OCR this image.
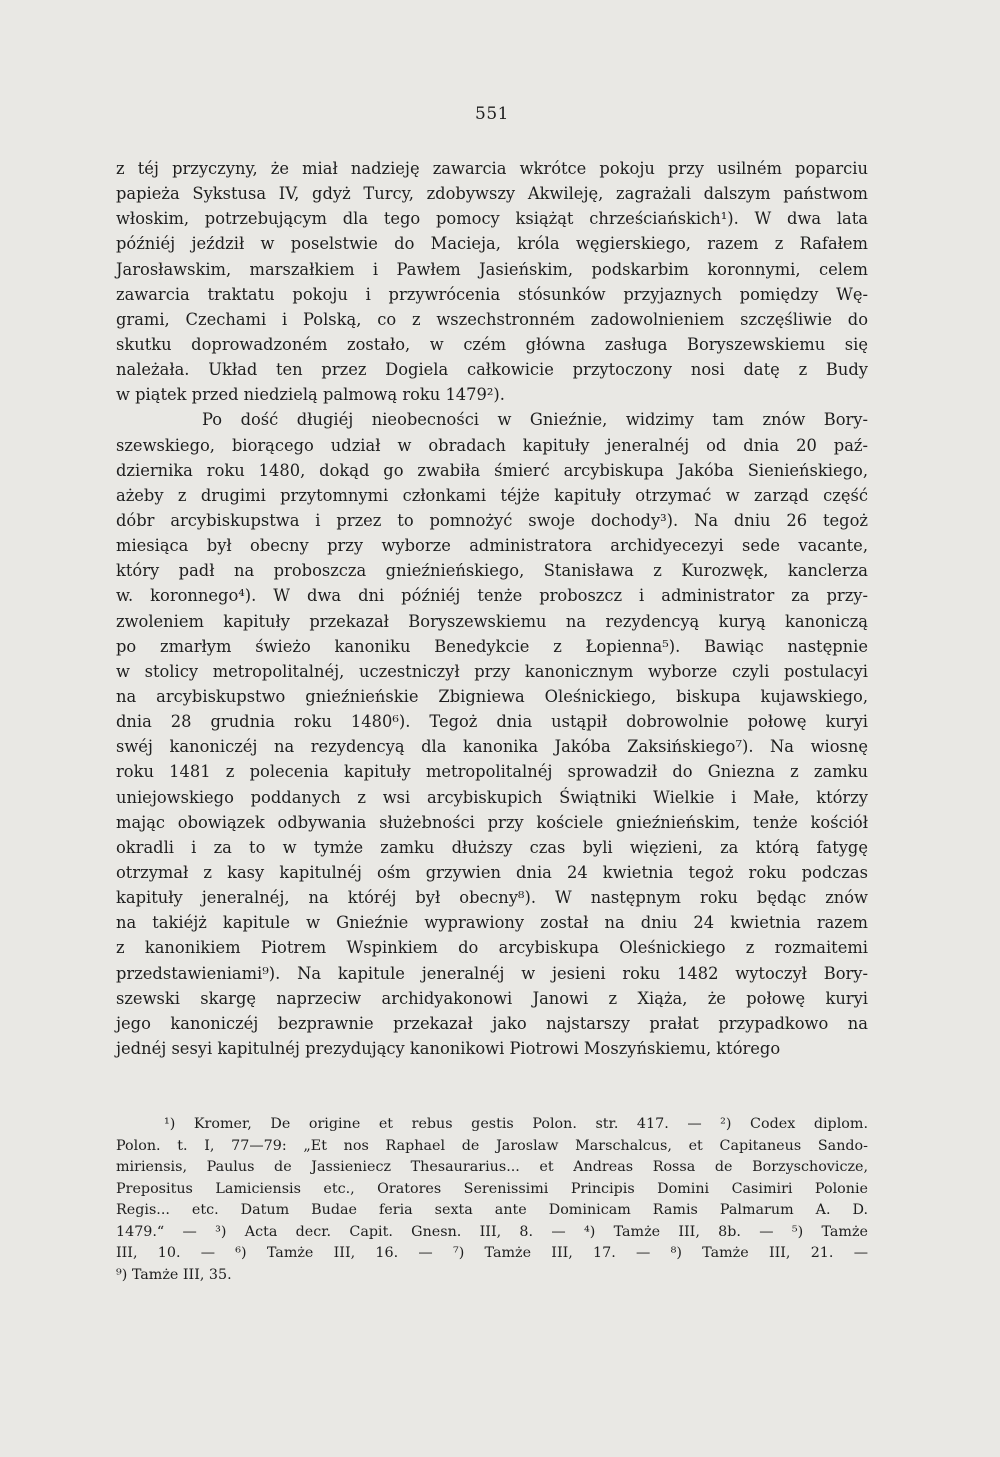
551
z téj przyczyny, że miał nadzieję zawarcia wkrótce pokoju przy usilném poparciu
papieża Sykstusa IV, gdyż Turcy, zdobywszy Akwileję, zagrażali dalszym państwom
włoskim, potrzebującym dla tego pomocy książąt chrześciańskich¹). W dwa lata
późniéj jeździł w poselstwie do Macieja, króla węgierskiego, razem z Rafałem
Jarosławskim, marszałkiem i Pawłem Jasieńskim, podskarbim koronnymi, celem
zawarcia traktatu pokoju i przywrócenia stósunków przyjaznych pomiędzy Wę-
grami, Czechami i Polską, co z wszechstronném zadowolnieniem szczęśliwie do
skutku doprowadzoném zostało, w czém główna zasługa Boryszewskiemu się
należała. Układ ten przez Dogiela całkowicie przytoczony nosi datę z Budy
w piątek przed niedzielą palmową roku 1479²).
Po dość długiéj nieobecności w Gnieźnie, widzimy tam znów Bory-
szewskiego, biorącego udział w obradach kapituły jeneralnéj od dnia 20 paź-
dziernika roku 1480, dokąd go zwabiła śmierć arcybiskupa Jakóba Sienieńskiego,
ażeby z drugimi przytomnymi członkami téjże kapituły otrzymać w zarząd część
dóbr arcybiskupstwa i przez to pomnożyć swoje dochody³). Na dniu 26 tegoż
miesiąca był obecny przy wyborze administratora archidyecezyi sede vacante,
który padł na proboszcza gnieźnieńskiego, Stanisława z Kurozwęk, kanclerza
w. koronnego⁴). W dwa dni późniéj tenże proboszcz i administrator za przy-
zwoleniem kapituły przekazał Boryszewskiemu na rezydencyą kuryą kanoniczą
po zmarłym świeżo kanoniku Benedykcie z Łopienna⁵). Bawiąc następnie
w stolicy metropolitalnéj, uczestniczył przy kanonicznym wyborze czyli postulacyi
na arcybiskupstwo gnieźnieńskie Zbigniewa Oleśnickiego, biskupa kujawskiego,
dnia 28 grudnia roku 1480⁶). Tegoż dnia ustąpił dobrowolnie połowę kuryi
swéj kanoniczéj na rezydencyą dla kanonika Jakóba Zaksińskiego⁷). Na wiosnę
roku 1481 z polecenia kapituły metropolitalnéj sprowadził do Gniezna z zamku
uniejowskiego poddanych z wsi arcybiskupich Świątniki Wielkie i Małe, którzy
mając obowiązek odbywania służebności przy kościele gnieźnieńskim, tenże kościół
okradli i za to w tymże zamku dłuższy czas byli więzieni, za którą fatygę
otrzymał z kasy kapitulnéj ośm grzywien dnia 24 kwietnia tegoż roku podczas
kapituły jeneralnéj, na któréj był obecny⁸). W następnym roku będąc znów
na takiéjż kapitule w Gnieźnie wyprawiony został na dniu 24 kwietnia razem
z kanonikiem Piotrem Wspinkiem do arcybiskupa Oleśnickiego z rozmaitemi
przedstawieniami⁹). Na kapitule jeneralnéj w jesieni roku 1482 wytoczył Bory-
szewski skargę naprzeciw archidyakonowi Janowi z Xiąża, że połowę kuryi
jego kanoniczéj bezprawnie przekazał jako najstarszy prałat przypadkowo na
jednéj sesyi kapitulnéj prezydujący kanonikowi Piotrowi Moszyńskiemu, którego
¹) Kromer, De origine et rebus gestis Polon. str. 417. — ²) Codex diplom.
Polon. t. I, 77—79: „Et nos Raphael de Jaroslaw Marschalcus, et Capitaneus Sando-
miriensis, Paulus de Jassieniecz Thesaurarius... et Andreas Rossa de Borzyschovicze,
Prepositus Lamiciensis etc., Oratores Serenissimi Principis Domini Casimiri Polonie
Regis... etc. Datum Budae feria sexta ante Dominicam Ramis Palmarum A. D.
1479.“ — ³) Acta decr. Capit. Gnesn. III, 8. — ⁴) Tamże III, 8b. — ⁵) Tamże
III, 10. — ⁶) Tamże III, 16. — ⁷) Tamże III, 17. — ⁸) Tamże III, 21. —
⁹) Tamże III, 35.
